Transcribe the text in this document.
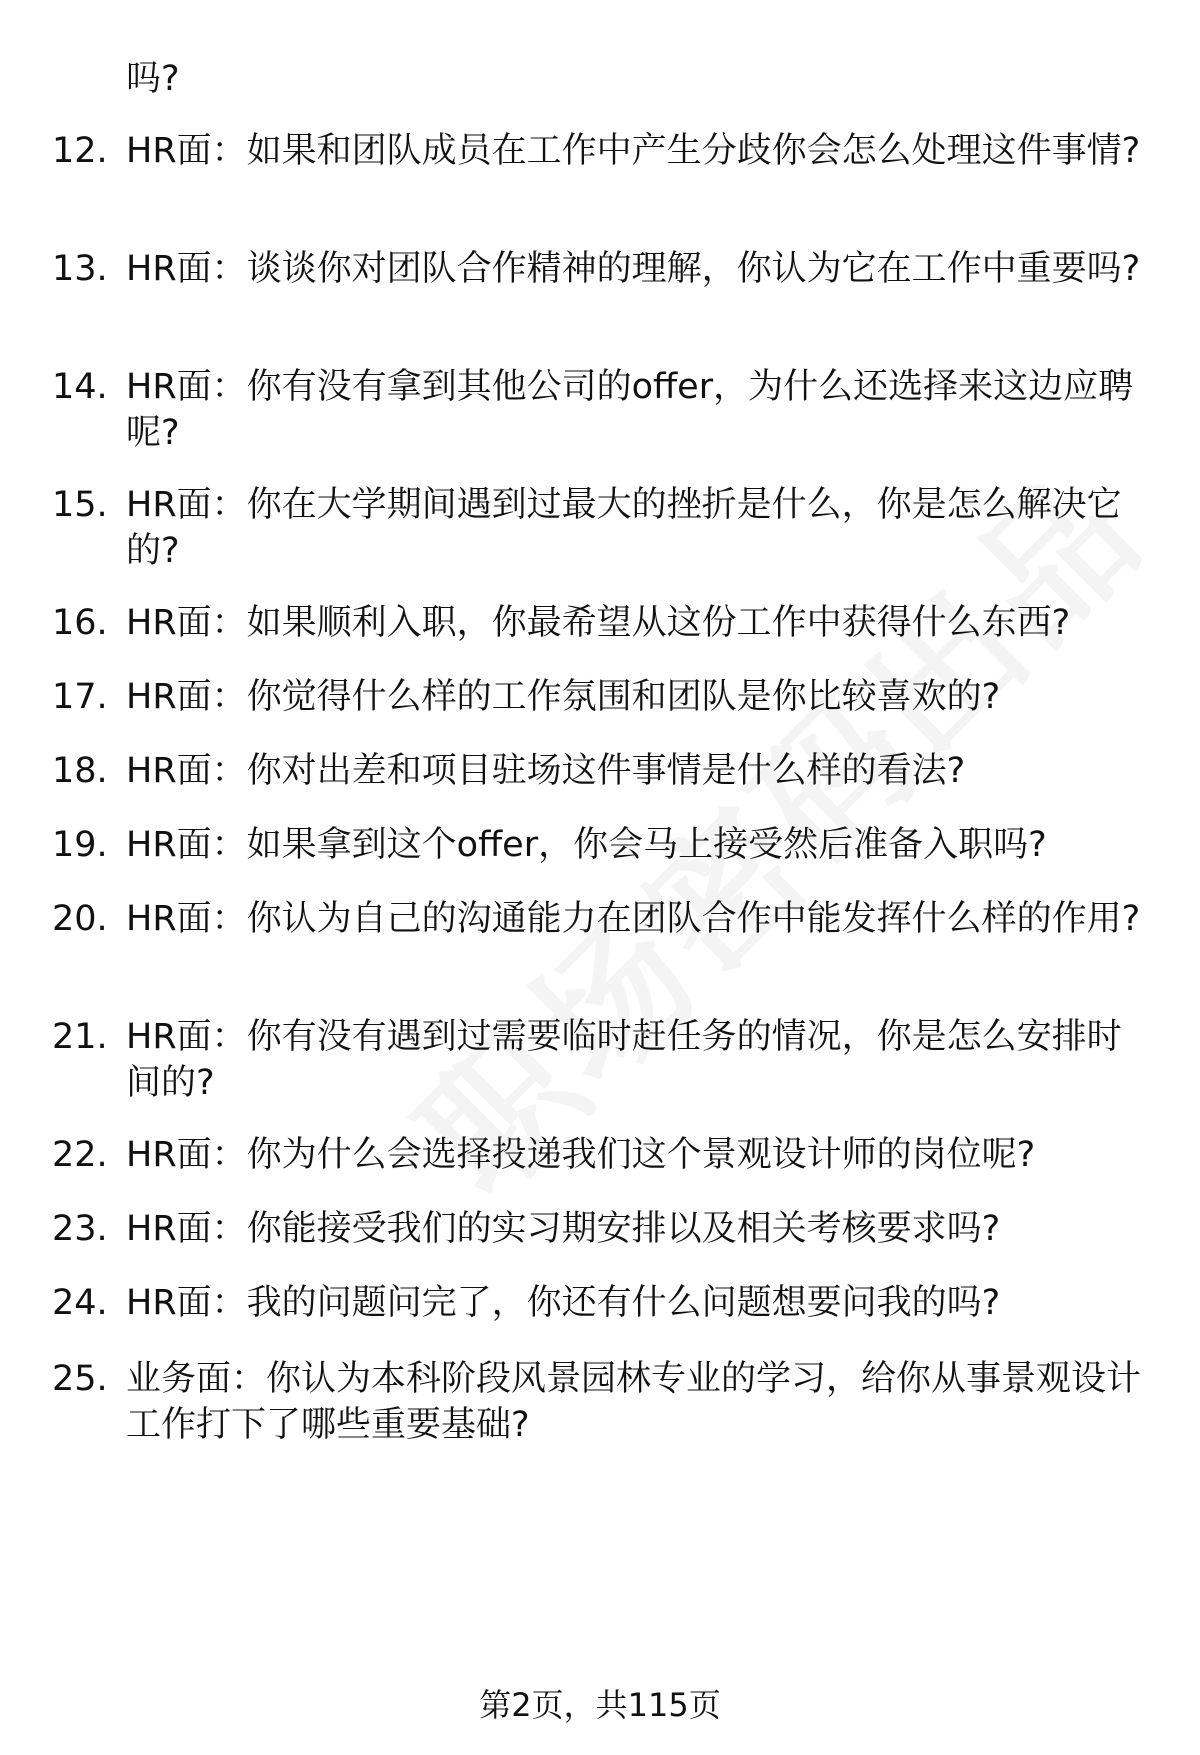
吗?
12. HR面：如果和团队成员在工作中产生分歧你会怎么处理这件事情?
13. HR面：谈谈你对团队合作精神的理解，你认为它在工作中重要吗?
14. HR面：你有没有拿到其他公司的offer，为什么还选择来这边应聘呢?
15. HR面：你在大学期间遇到过最大的挫折是什么，你是怎么解决它的?
16. HR面：如果顺利入职，你最希望从这份工作中获得什么东西?
17. HR面：你觉得什么样的工作氛围和团队是你比较喜欢的?
18. HR面：你对出差和项目驻场这件事情是什么样的看法?
19. HR面：如果拿到这个offer，你会马上接受然后准备入职吗?
20. HR面：你认为自己的沟通能力在团队合作中能发挥什么样的作用?
21. HR面：你有没有遇到过需要临时赶任务的情况，你是怎么安排时间的?
22. HR面：你为什么会选择投递我们这个景观设计师的岗位呢?
23. HR面：你能接受我们的实习期安排以及相关考核要求吗?
24. HR面：我的问题问完了，你还有什么问题想要问我的吗?
25. 业务面：你认为本科阶段风景园林专业的学习，给你从事景观设计工作打下了哪些重要基础?
第2页，共115页
